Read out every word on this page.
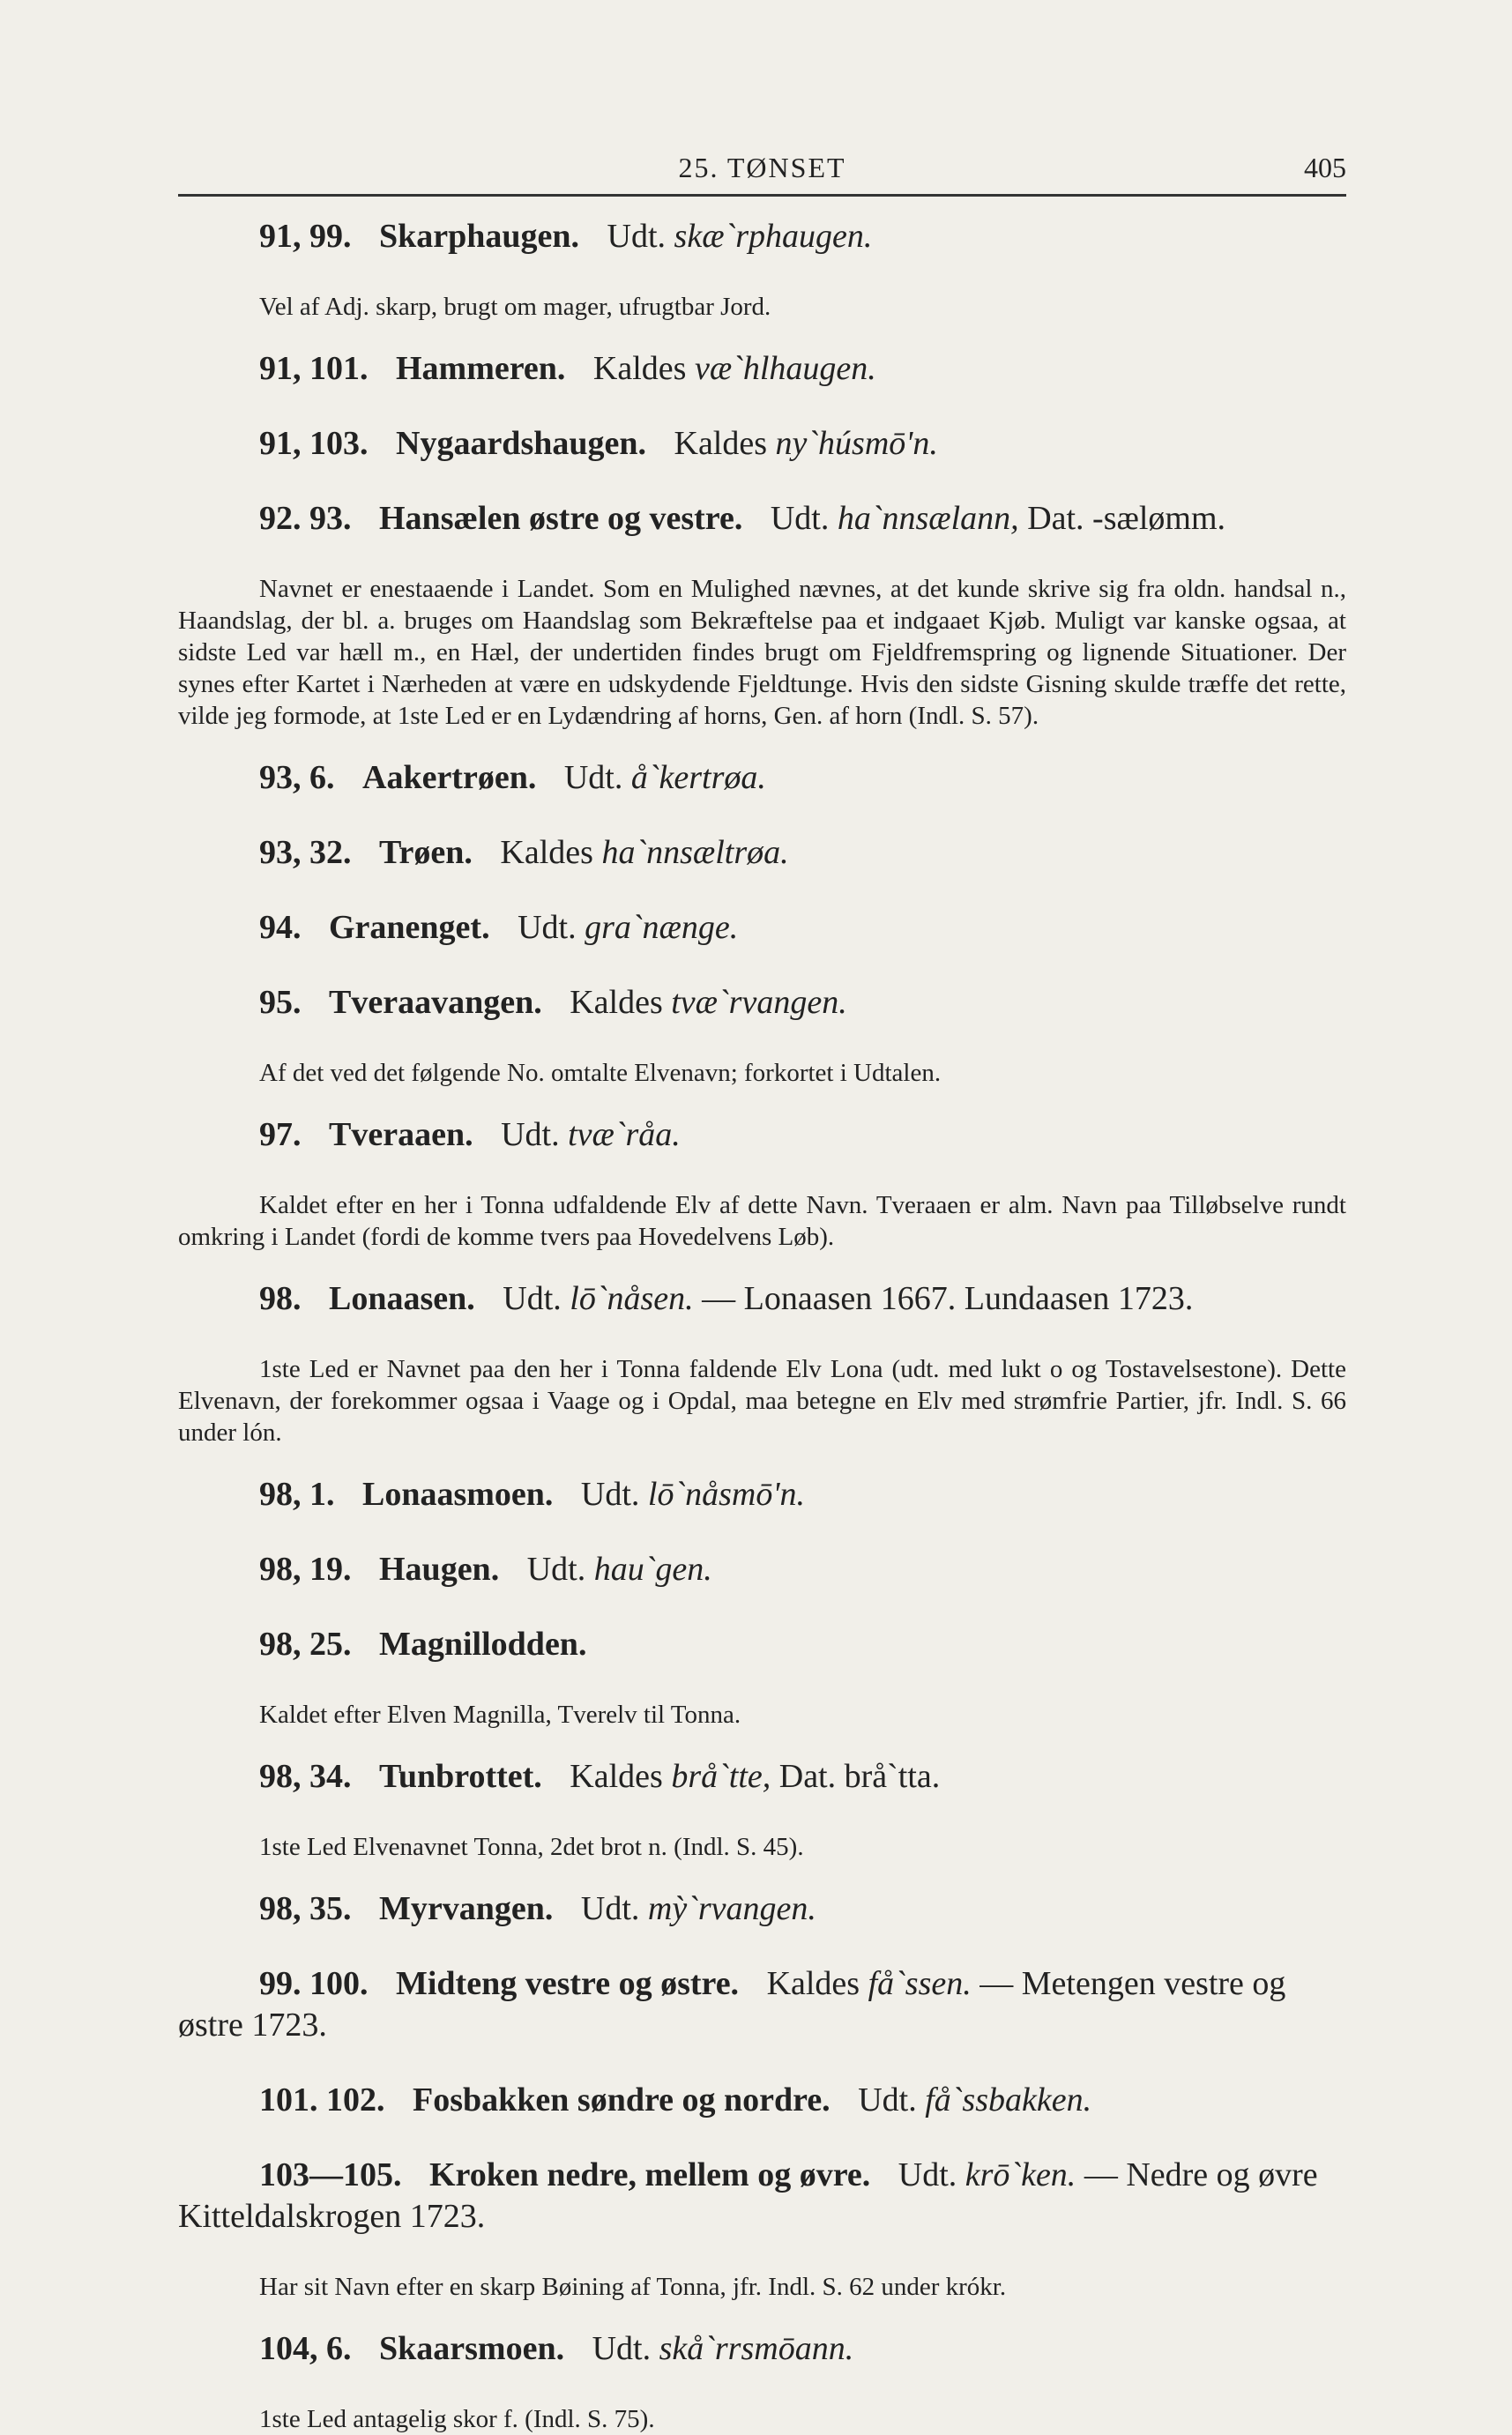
25. TØNSET	405

91, 99. Skarphaugen. Udt. skæ`rphaugen.

Vel af Adj. skarp, brugt om mager, ufrugtbar Jord.

91, 101. Hammeren. Kaldes væ`hlhaugen.

91, 103. Nygaardshaugen. Kaldes ny`húsmō'n.

92. 93. Hansælen østre og vestre. Udt. ha`nnsælann, Dat. -sælømm.

Navnet er enestaaende i Landet. Som en Mulighed nævnes, at det kunde skrive sig fra oldn. handsal n., Haandslag, der bl. a. bruges om Haandslag som Bekræftelse paa et indgaaet Kjøb. Muligt var kanske ogsaa, at sidste Led var hæll m., en Hæl, der undertiden findes brugt om Fjeldfremspring og lignende Situationer. Der synes efter Kartet i Nærheden at være en udskydende Fjeldtunge. Hvis den sidste Gisning skulde træffe det rette, vilde jeg formode, at 1ste Led er en Lydændring af horns, Gen. af horn (Indl. S. 57).

93, 6. Aakertrøen. Udt. å`kertrøa.

93, 32. Trøen. Kaldes ha`nnsæltrøa.

94. Granenget. Udt. gra`nænge.

95. Tveraavangen. Kaldes tvæ`rvangen.

Af det ved det følgende No. omtalte Elvenavn; forkortet i Udtalen.

97. Tveraaen. Udt. tvæ`råa.

Kaldet efter en her i Tonna udfaldende Elv af dette Navn. Tveraaen er alm. Navn paa Tilløbselve rundt omkring i Landet (fordi de komme tvers paa Hovedelvens Løb).

98. Lonaasen. Udt. lō`nåsen. — Lonaasen 1667. Lundaasen 1723.

1ste Led er Navnet paa den her i Tonna faldende Elv Lona (udt. med lukt o og Tostavelsestone). Dette Elvenavn, der forekommer ogsaa i Vaage og i Opdal, maa betegne en Elv med strømfrie Partier, jfr. Indl. S. 66 under lón.

98, 1. Lonaasmoen. Udt. lō`nåsmō'n.

98, 19. Haugen. Udt. hau`gen.

98, 25. Magnillodden.

Kaldet efter Elven Magnilla, Tverelv til Tonna.

98, 34. Tunbrottet. Kaldes brå`tte, Dat. brå`tta.

1ste Led Elvenavnet Tonna, 2det brot n. (Indl. S. 45).

98, 35. Myrvangen. Udt. mỳ`rvangen.

99. 100. Midteng vestre og østre. Kaldes få`ssen. — Metengen vestre og østre 1723.

101. 102. Fosbakken søndre og nordre. Udt. få`ssbakken.

103—105. Kroken nedre, mellem og øvre. Udt. krō`ken. — Nedre og øvre Kitteldalskrogen 1723.

Har sit Navn efter en skarp Bøining af Tonna, jfr. Indl. S. 62 under krókr.

104, 6. Skaarsmoen. Udt. skå`rrsmōann.

1ste Led antagelig skor f. (Indl. S. 75).
